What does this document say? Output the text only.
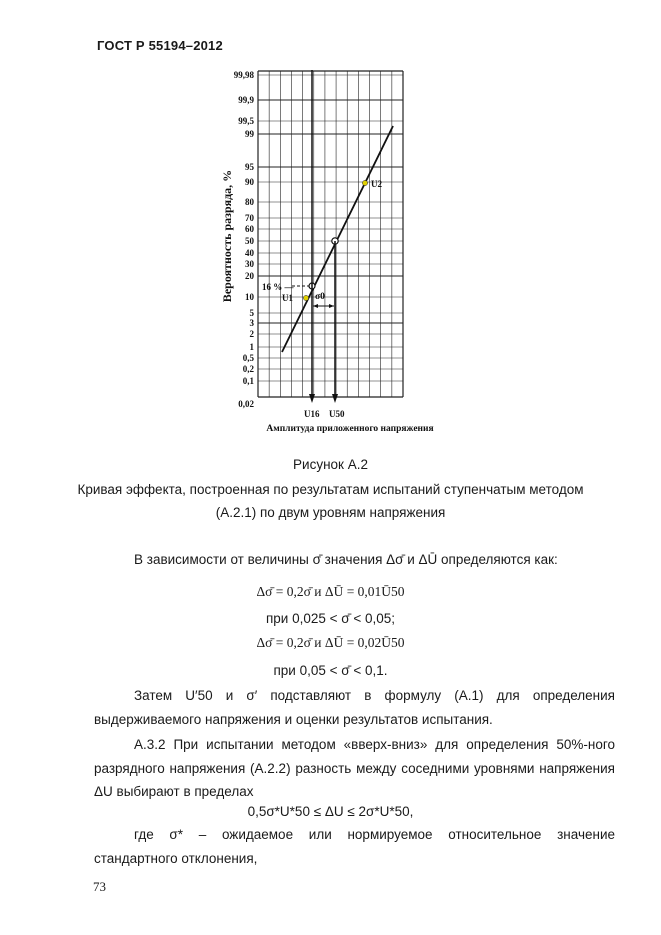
ГОСТ Р 55194–2012
99,98
99,9
99,5
99
95
90
80
70
60
50
40
30
20
10
5
3
2
1
0,5
0,2
0,1
0,02
U2
16 % —
U1 σ0
U16 U50
Амплитуда приложенного напряжения
Вероятность разряда, %
Рисунок А.2
Кривая эффекта, построенная по результатам испытаний ступенчатым методом
(А.2.1) по двум уровням напряжения
В зависимости от величины σ̄ значения Δσ̄ и ΔŪ определяются как:
Δσ̄ = 0,2σ̄ и ΔŪ = 0,01Ū50
при 0,025 < σ̄ < 0,05;
Δσ̄ = 0,2σ̄ и ΔŪ = 0,02Ū50
при 0,05 < σ̄ < 0,1.
Затем U′50 и σ′ подставляют в формулу (А.1) для определения
выдерживаемого напряжения и оценки результатов испытания.
А.3.2 При испытании методом «вверх-вниз» для определения 50%-ного
разрядного напряжения (А.2.2) разность между соседними уровнями напряжения
ΔU выбирают в пределах
0,5σ*U*50 ≤ ΔU ≤ 2σ*U*50,
где σ* – ожидаемое или нормируемое относительное значение
стандартного отклонения,
73
